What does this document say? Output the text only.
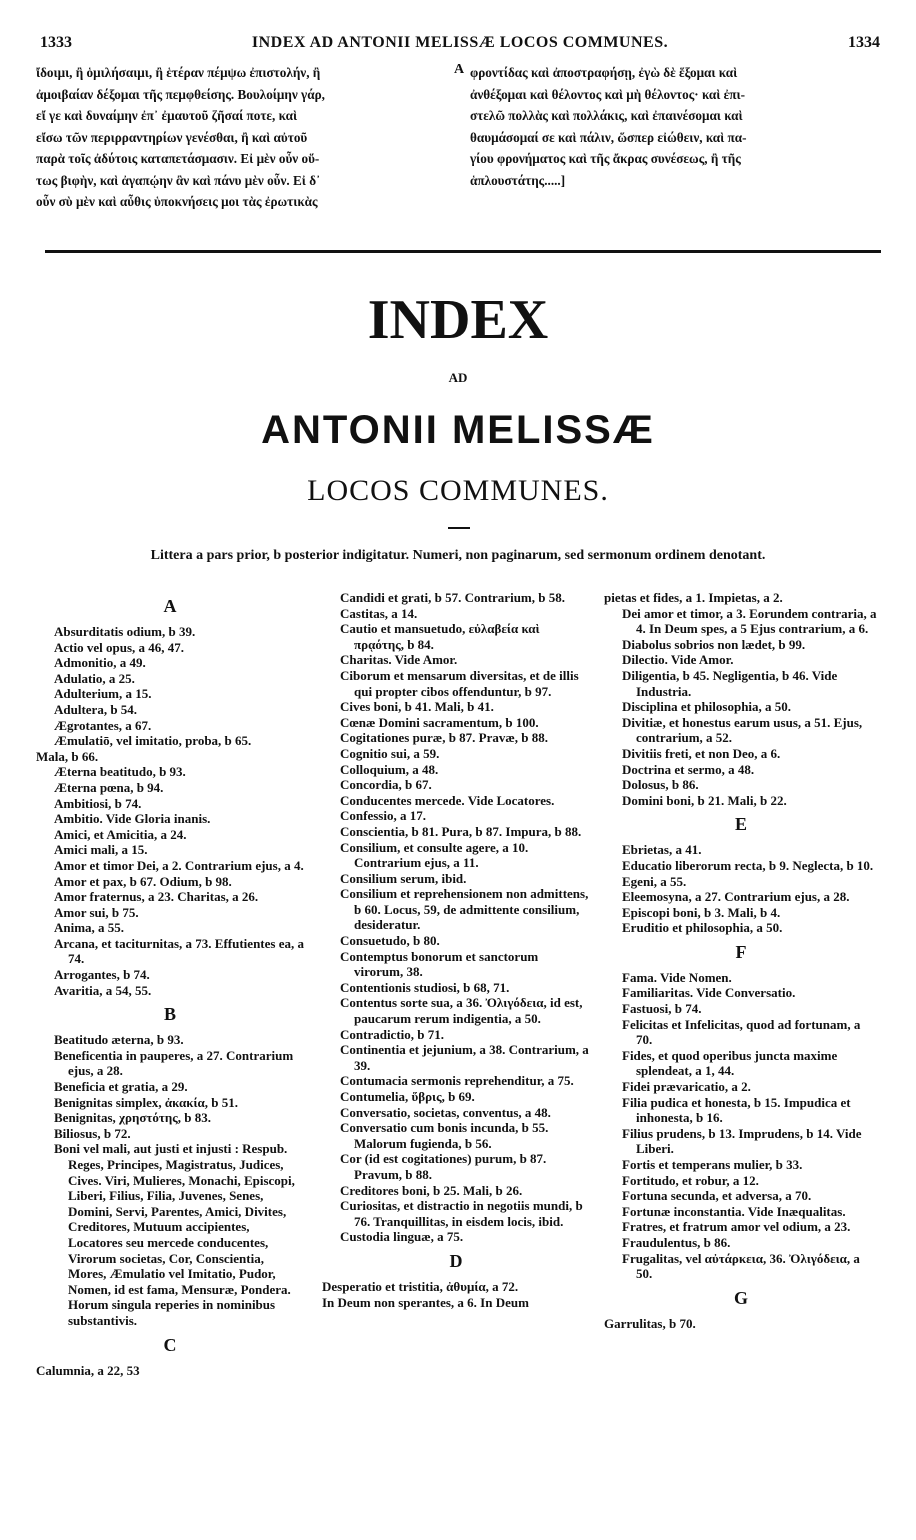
1333	INDEX AD ANTONII MELISSÆ LOCOS COMMUNES.	1334
ἴδοιμι, ἢ ὁμιλήσαιμι, ἢ ἑτέραν πέμψω ἐπιστολήν, ἢ
ἀμοιβαίαν δέξομαι τῆς πεμφθείσης. Βουλοίμην γάρ,
εἴ γε καὶ δυναίμην ἐπ᾽ ἐμαυτοῦ ζῆσαί ποτε, καὶ
εἴσω τῶν περιρραντηρίων γενέσθαι, ἢ καὶ αὐτοῦ
παρὰ τοῖς ἀδύτοις καταπετάσμασιν. Εἰ μὲν οὖν οὕ-
τως βιφὴν, καὶ ἀγαπῴην ἂν καὶ πάνυ μὲν οὖν. Εἰ δ᾽
οὖν σὺ μὲν καὶ αὖθις ὑποκνήσεις μοι τὰς ἐρωτικὰς
A φροντίδας καὶ ἀποστραφήσῃ, ἐγὼ δὲ ἕξομαι καὶ
ἀνθέξομαι καὶ θέλοντος καὶ μὴ θέλοντος· καὶ ἐπι-
στελῶ πολλὰς καὶ πολλάκις, καὶ ἐπαινέσομαι καὶ
θαυμάσομαί σε καὶ πάλιν, ὥσπερ εἰώθειν, καὶ πα-
γίου φρονήματος καὶ τῆς ἄκρας συνέσεως, ἢ τῆς
ἁπλουστάτης.....]
INDEX
AD
ANTONII MELISSÆ
LOCOS COMMUNES.
Littera a pars prior, b posterior indigitatur. Numeri, non paginarum, sed sermonum ordinem denotant.
A
Absurditatis odium, b 39.
Actio vel opus, a 46, 47.
Admonitio, a 49.
Adulatio, a 25.
Adulterium, a 15.
Adultera, b 54.
Ægrotantes, a 67.
Æmulatiō, vel imitatio, proba, b 65.
Mala, b 66.
Æterna beatitudo, b 93.
Æterna pœna, b 94.
Ambitiosi, b 74.
Ambitio. Vide Gloria inanis.
Amici, et Amicitia, a 24.
Amici mali, a 15.
Amor et timor Dei, a 2. Contrarium ejus, a 4.
Amor et pax, b 67. Odium, b 98.
Amor fraternus, a 23. Charitas, a 26.
Amor sui, b 75.
Anima, a 55.
Arcana, et taciturnitas, a 73. Effutientes ea, a 74.
Arrogantes, b 74.
Avaritia, a 54, 55.
B
Beatitudo æterna, b 93.
Beneficentia in pauperes, a 27. Contrarium ejus, a 28.
Beneficia et gratia, a 29.
Benignitas simplex, ἀκακία, b 51.
Benignitas, χρηστότης, b 83.
Biliosus, b 72.
Boni vel mali, aut justi et injusti : Respub. Reges, Principes, Magistratus, Judices, Cives. Viri, Mulieres, Monachi, Episcopi, Liberi, Filius, Filia, Juvenes, Senes, Domini, Servi, Parentes, Amici, Divites, Creditores, Mutuum accipientes, Locatores seu mercede conducentes, Virorum societas, Cor, Conscientia, Mores, Æmulatio vel Imitatio, Pudor, Nomen, id est fama, Mensuræ, Pondera. Horum singula reperies in nominibus substantivis.
C
Calumnia, a 22, 53
Candidi et grati, b 57. Contrarium, b 58.
Castitas, a 14.
Cautio et mansuetudo, εὐλαβεία καὶ πρᾳότης, b 84.
Charitas. Vide Amor.
Ciborum et mensarum diversitas, et de illis qui propter cibos offenduntur, b 97.
Cives boni, b 41. Mali, b 41.
Cœnæ Domini sacramentum, b 100.
Cogitationes puræ, b 87. Pravæ, b 88.
Cognitio sui, a 59.
Colloquium, a 48.
Concordia, b 67.
Conducentes mercede. Vide Locatores.
Confessio, a 17.
Conscientia, b 81. Pura, b 87. Impura, b 88.
Consilium, et consulte agere, a 10. Contrarium ejus, a 11.
Consilium serum, ibid.
Consilium et reprehensionem non admittens, b 60. Locus, 59, de admittente consilium, desideratur.
Consuetudo, b 80.
Contemptus bonorum et sanctorum virorum, 38.
Contentionis studiosi, b 68, 71.
Contentus sorte sua, a 36. Ὀλιγόδεια, id est, paucarum rerum indigentia, a 50.
Contradictio, b 71.
Continentia et jejunium, a 38. Contrarium, a 39.
Contumacia sermonis reprehenditur, a 75.
Contumelia, ὕβρις, b 69.
Conversatio, societas, conventus, a 48.
Conversatio cum bonis incunda, b 55. Malorum fugienda, b 56.
Cor (id est cogitationes) purum, b 87. Pravum, b 88.
Creditores boni, b 25. Mali, b 26.
Curiositas, et distractio in negotiis mundi, b 76. Tranquillitas, in eisdem locis, ibid.
Custodia linguæ, a 75.
D
Desperatio et tristitia, ἀθυμία, a 72.
In Deum non sperantes, a 6. In Deum
pietas et fides, a 1. Impietas, a 2.
Dei amor et timor, a 3. Eorundem contraria, a 4. In Deum spes, a 5 Ejus contrarium, a 6.
Diabolus sobrios non lædet, b 99.
Dilectio. Vide Amor.
Diligentia, b 45. Negligentia, b 46. Vide Industria.
Disciplina et philosophia, a 50.
Divitiæ, et honestus earum usus, a 51. Ejus, contrarium, a 52.
Divitiis freti, et non Deo, a 6.
Doctrina et sermo, a 48.
Dolosus, b 86.
Domini boni, b 21. Mali, b 22.
E
Ebrietas, a 41.
Educatio liberorum recta, b 9. Neglecta, b 10.
Egeni, a 55.
Eleemosyna, a 27. Contrarium ejus, a 28.
Episcopi boni, b 3. Mali, b 4.
Eruditio et philosophia, a 50.
F
Fama. Vide Nomen.
Familiaritas. Vide Conversatio.
Fastuosi, b 74.
Felicitas et Infelicitas, quod ad fortunam, a 70.
Fides, et quod operibus juncta maxime splendeat, a 1, 44.
Fidei prævaricatio, a 2.
Filia pudica et honesta, b 15. Impudica et inhonesta, b 16.
Filius prudens, b 13. Imprudens, b 14. Vide Liberi.
Fortis et temperans mulier, b 33.
Fortitudo, et robur, a 12.
Fortuna secunda, et adversa, a 70.
Fortunæ inconstantia. Vide Inæqualitas.
Fratres, et fratrum amor vel odium, a 23.
Fraudulentus, b 86.
Frugalitas, vel αὐτάρκεια, 36. Ὀλιγόδεια, a 50.
G
Garrulitas, b 70.
